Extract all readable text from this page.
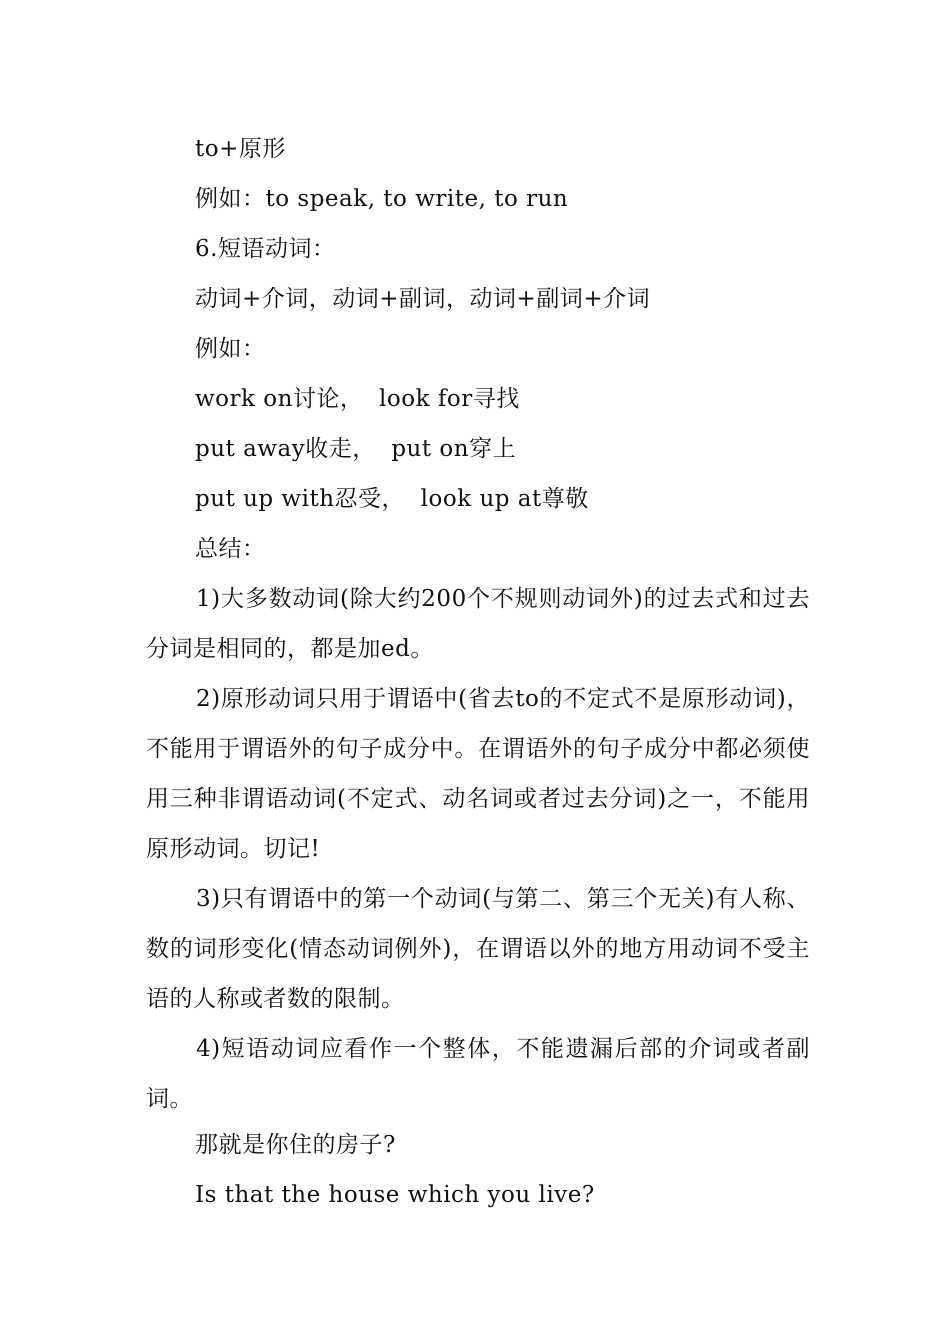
to+原形
例如：to speak, to write, to run
6.短语动词：
动词+介词，动词+副词，动词+副词+介词
例如：
work on讨论，  look for寻找
put away收走，  put on穿上
put up with忍受，  look up at尊敬
总结：

1)大多数动词(除大约200个不规则动词外)的过去式和过去分词是相同的，都是加ed。

2)原形动词只用于谓语中(省去to的不定式不是原形动词)，不能用于谓语外的句子成分中。在谓语外的句子成分中都必须使用三种非谓语动词(不定式、动名词或者过去分词)之一，不能用原形动词。切记!

3)只有谓语中的第一个动词(与第二、第三个无关)有人称、数的词形变化(情态动词例外)，在谓语以外的地方用动词不受主语的人称或者数的限制。

4)短语动词应看作一个整体，不能遗漏后部的介词或者副词。

那就是你住的房子?
Is that the house which you live?
